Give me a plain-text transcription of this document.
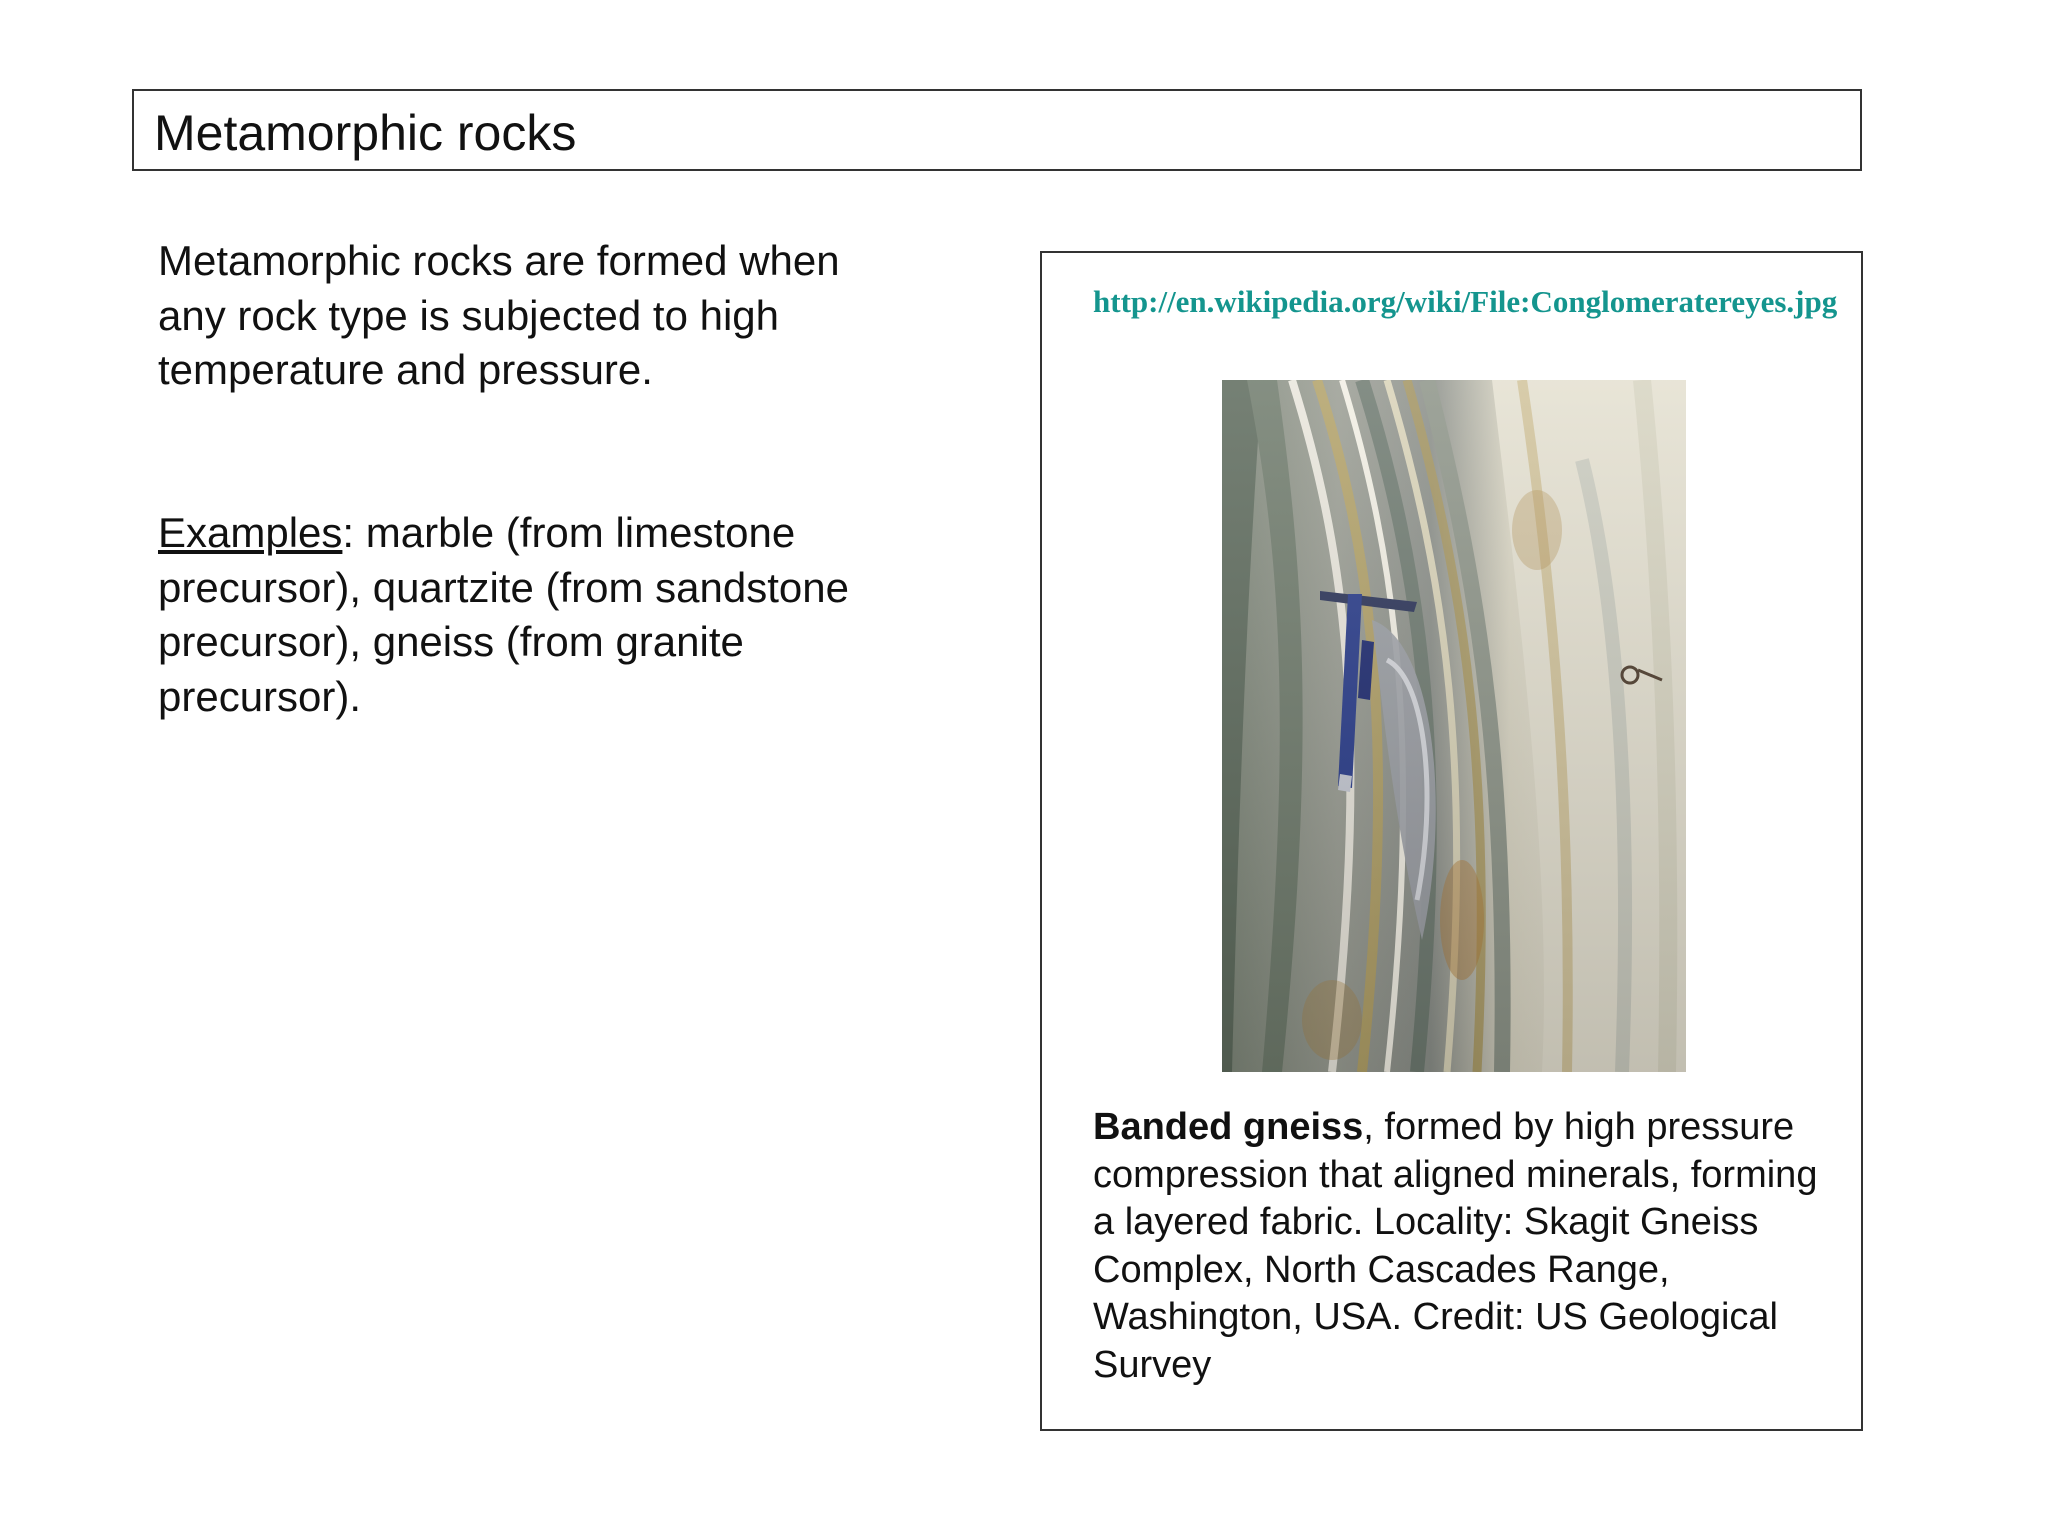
Metamorphic rocks
Metamorphic rocks are formed when any rock type is subjected to high temperature and pressure.
Examples: marble (from limestone precursor), quartzite (from sandstone precursor), gneiss (from granite precursor).
http://en.wikipedia.org/wiki/File:Conglomeratereyes.jpg
Banded gneiss, formed by high pressure compression that aligned minerals, forming a layered fabric. Locality: Skagit Gneiss Complex, North Cascades Range, Washington, USA. Credit: US Geological Survey
